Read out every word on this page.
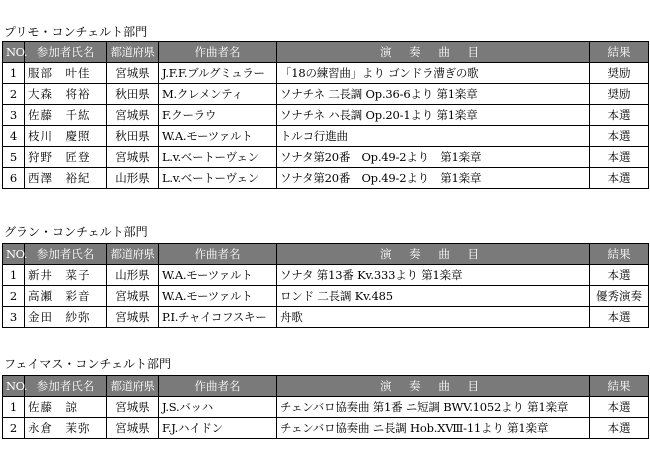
プリモ・コンチェルト部門
NO.	参加者氏名	都道府県	作曲者名	演 奏 曲 目	結果
1	服部　叶佳	宮城県	J.F.F.ブルグミュラー	「18の練習曲」より ゴンドラ漕ぎの歌	奨励
2	大森　将裕	秋田県	M.クレメンティ	ソナチネ 二長調 Op.36-6より 第1楽章	奨励
3	佐藤　千紘	宮城県	F.クーラウ	ソナチネ ハ長調 Op.20-1より 第1楽章	本選
4	枝川　慶照	秋田県	W.A.モーツァルト	トルコ行進曲	本選
5	狩野　匠登	宮城県	L.v.ベートーヴェン	ソナタ第20番　Op.49-2より　第1楽章	本選
6	西澤　裕紀	山形県	L.v.ベートーヴェン	ソナタ第20番　Op.49-2より　第1楽章	本選
グラン・コンチェルト部門
NO.	参加者氏名	都道府県	作曲者名	演 奏 曲 目	結果
1	新井　菜子	山形県	W.A.モーツァルト	ソナタ 第13番 Kv.333より 第1楽章	本選
2	高瀬　彩音	宮城県	W.A.モーツァルト	ロンド 二長調 Kv.485	優秀演奏
3	金田　紗弥	宮城県	P.I.チャイコフスキー	舟歌	本選
フェイマス・コンチェルト部門
NO.	参加者氏名	都道府県	作曲者名	演 奏 曲 目	結果
1	佐藤　諒	宮城県	J.S.バッハ	チェンバロ協奏曲 第1番 ニ短調 BWV.1052より 第1楽章	本選
2	永倉　茉弥	宮城県	F.J.ハイドン	チェンバロ協奏曲 ニ長調 Hob.ⅩⅧ-11より 第1楽章	本選
